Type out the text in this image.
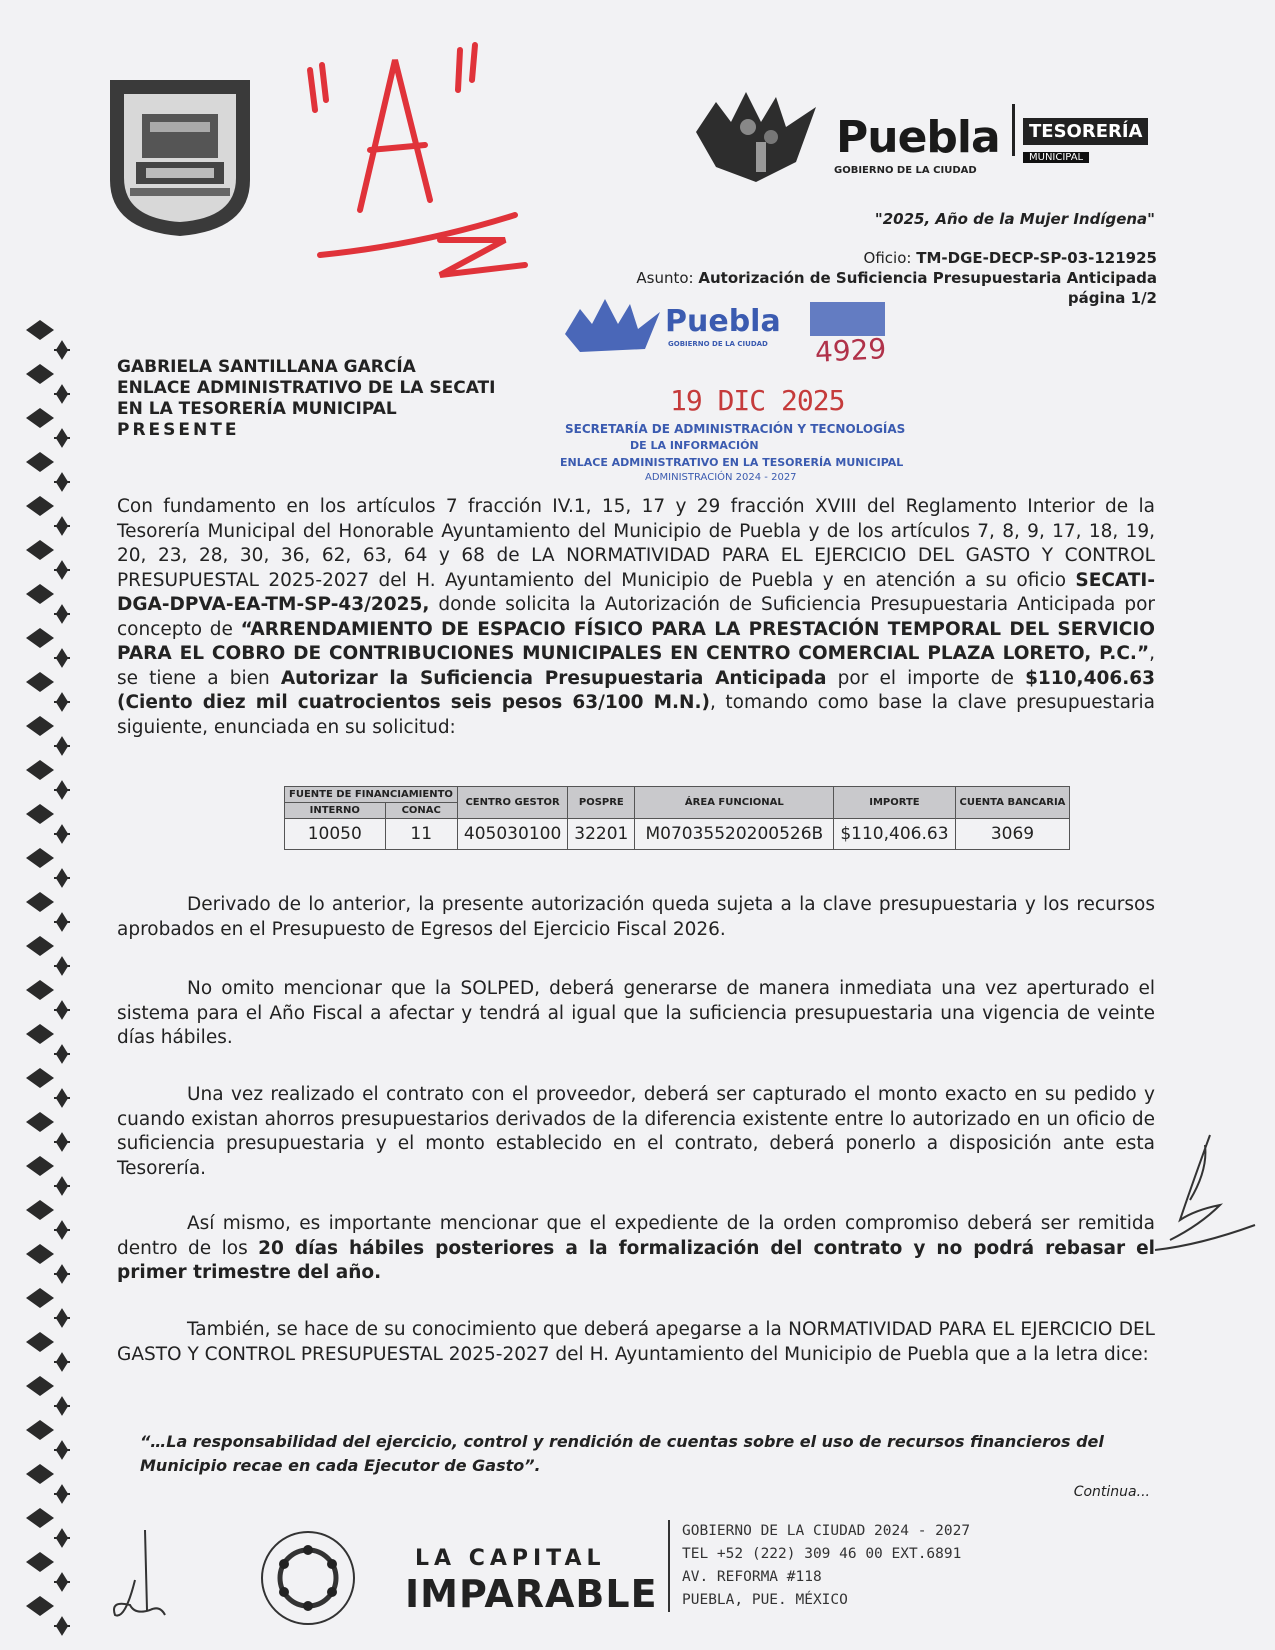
Puebla
GOBIERNO DE LA CIUDAD
TESORERÍA MUNICIPAL
"2025, Año de la Mujer Indígena"
Oficio: TM-DGE-DECP-SP-03-121925
Asunto: Autorización de Suficiencia Presupuestaria Anticipada
página 1/2
Puebla
GOBIERNO DE LA CIUDAD 4929
19 DIC 2025
SECRETARÍA DE ADMINISTRACIÓN Y TECNOLOGÍAS
DE LA INFORMACIÓN
ENLACE ADMINISTRATIVO EN LA TESORERÍA MUNICIPAL
ADMINISTRACIÓN 2024 - 2027
GABRIELA SANTILLANA GARCÍA
ENLACE ADMINISTRATIVO DE LA SECATI
EN LA TESORERÍA MUNICIPAL
PRESENTE
Con fundamento en los artículos 7 fracción IV.1, 15, 17 y 29 fracción XVIII del Reglamento Interior de la Tesorería Municipal del Honorable Ayuntamiento del Municipio de Puebla y de los artículos 7, 8, 9, 17, 18, 19, 20, 23, 28, 30, 36, 62, 63, 64 y 68 de LA NORMATIVIDAD PARA EL EJERCICIO DEL GASTO Y CONTROL PRESUPUESTAL 2025-2027 del H. Ayuntamiento del Municipio de Puebla y en atención a su oficio SECATI-DGA-DPVA-EA-TM-SP-43/2025, donde solicita la Autorización de Suficiencia Presupuestaria Anticipada por concepto de “ARRENDAMIENTO DE ESPACIO FÍSICO PARA LA PRESTACIÓN TEMPORAL DEL SERVICIO PARA EL COBRO DE CONTRIBUCIONES MUNICIPALES EN CENTRO COMERCIAL PLAZA LORETO, P.C.”, se tiene a bien Autorizar la Suficiencia Presupuestaria Anticipada por el importe de $110,406.63 (Ciento diez mil cuatrocientos seis pesos 63/100 M.N.), tomando como base la clave presupuestaria siguiente, enunciada en su solicitud:
FUENTE DE FINANCIAMIENTO		CENTRO GESTOR	POSPRE	ÁREA FUNCIONAL	IMPORTE	CUENTA BANCARIA
INTERNO	CONAC					
10050	11	405030100	32201	M07035520200526B	$110,406.63	3069
Derivado de lo anterior, la presente autorización queda sujeta a la clave presupuestaria y los recursos aprobados en el Presupuesto de Egresos del Ejercicio Fiscal 2026.
No omito mencionar que la SOLPED, deberá generarse de manera inmediata una vez aperturado el sistema para el Año Fiscal a afectar y tendrá al igual que la suficiencia presupuestaria una vigencia de veinte días hábiles.
Una vez realizado el contrato con el proveedor, deberá ser capturado el monto exacto en su pedido y cuando existan ahorros presupuestarios derivados de la diferencia existente entre lo autorizado en un oficio de suficiencia presupuestaria y el monto establecido en el contrato, deberá ponerlo a disposición ante esta Tesorería.
Así mismo, es importante mencionar que el expediente de la orden compromiso deberá ser remitida dentro de los 20 días hábiles posteriores a la formalización del contrato y no podrá rebasar el primer trimestre del año.
También, se hace de su conocimiento que deberá apegarse a la NORMATIVIDAD PARA EL EJERCICIO DEL GASTO Y CONTROL PRESUPUESTAL 2025-2027 del H. Ayuntamiento del Municipio de Puebla que a la letra dice:
“…La responsabilidad del ejercicio, control y rendición de cuentas sobre el uso de recursos financieros del Municipio recae en cada Ejecutor de Gasto”.
Continua...
LA CAPITAL
IMPARABLE
GOBIERNO DE LA CIUDAD 2024 - 2027
TEL +52 (222) 309 46 00 EXT.6891
AV. REFORMA #118
PUEBLA, PUE. MÉXICO
